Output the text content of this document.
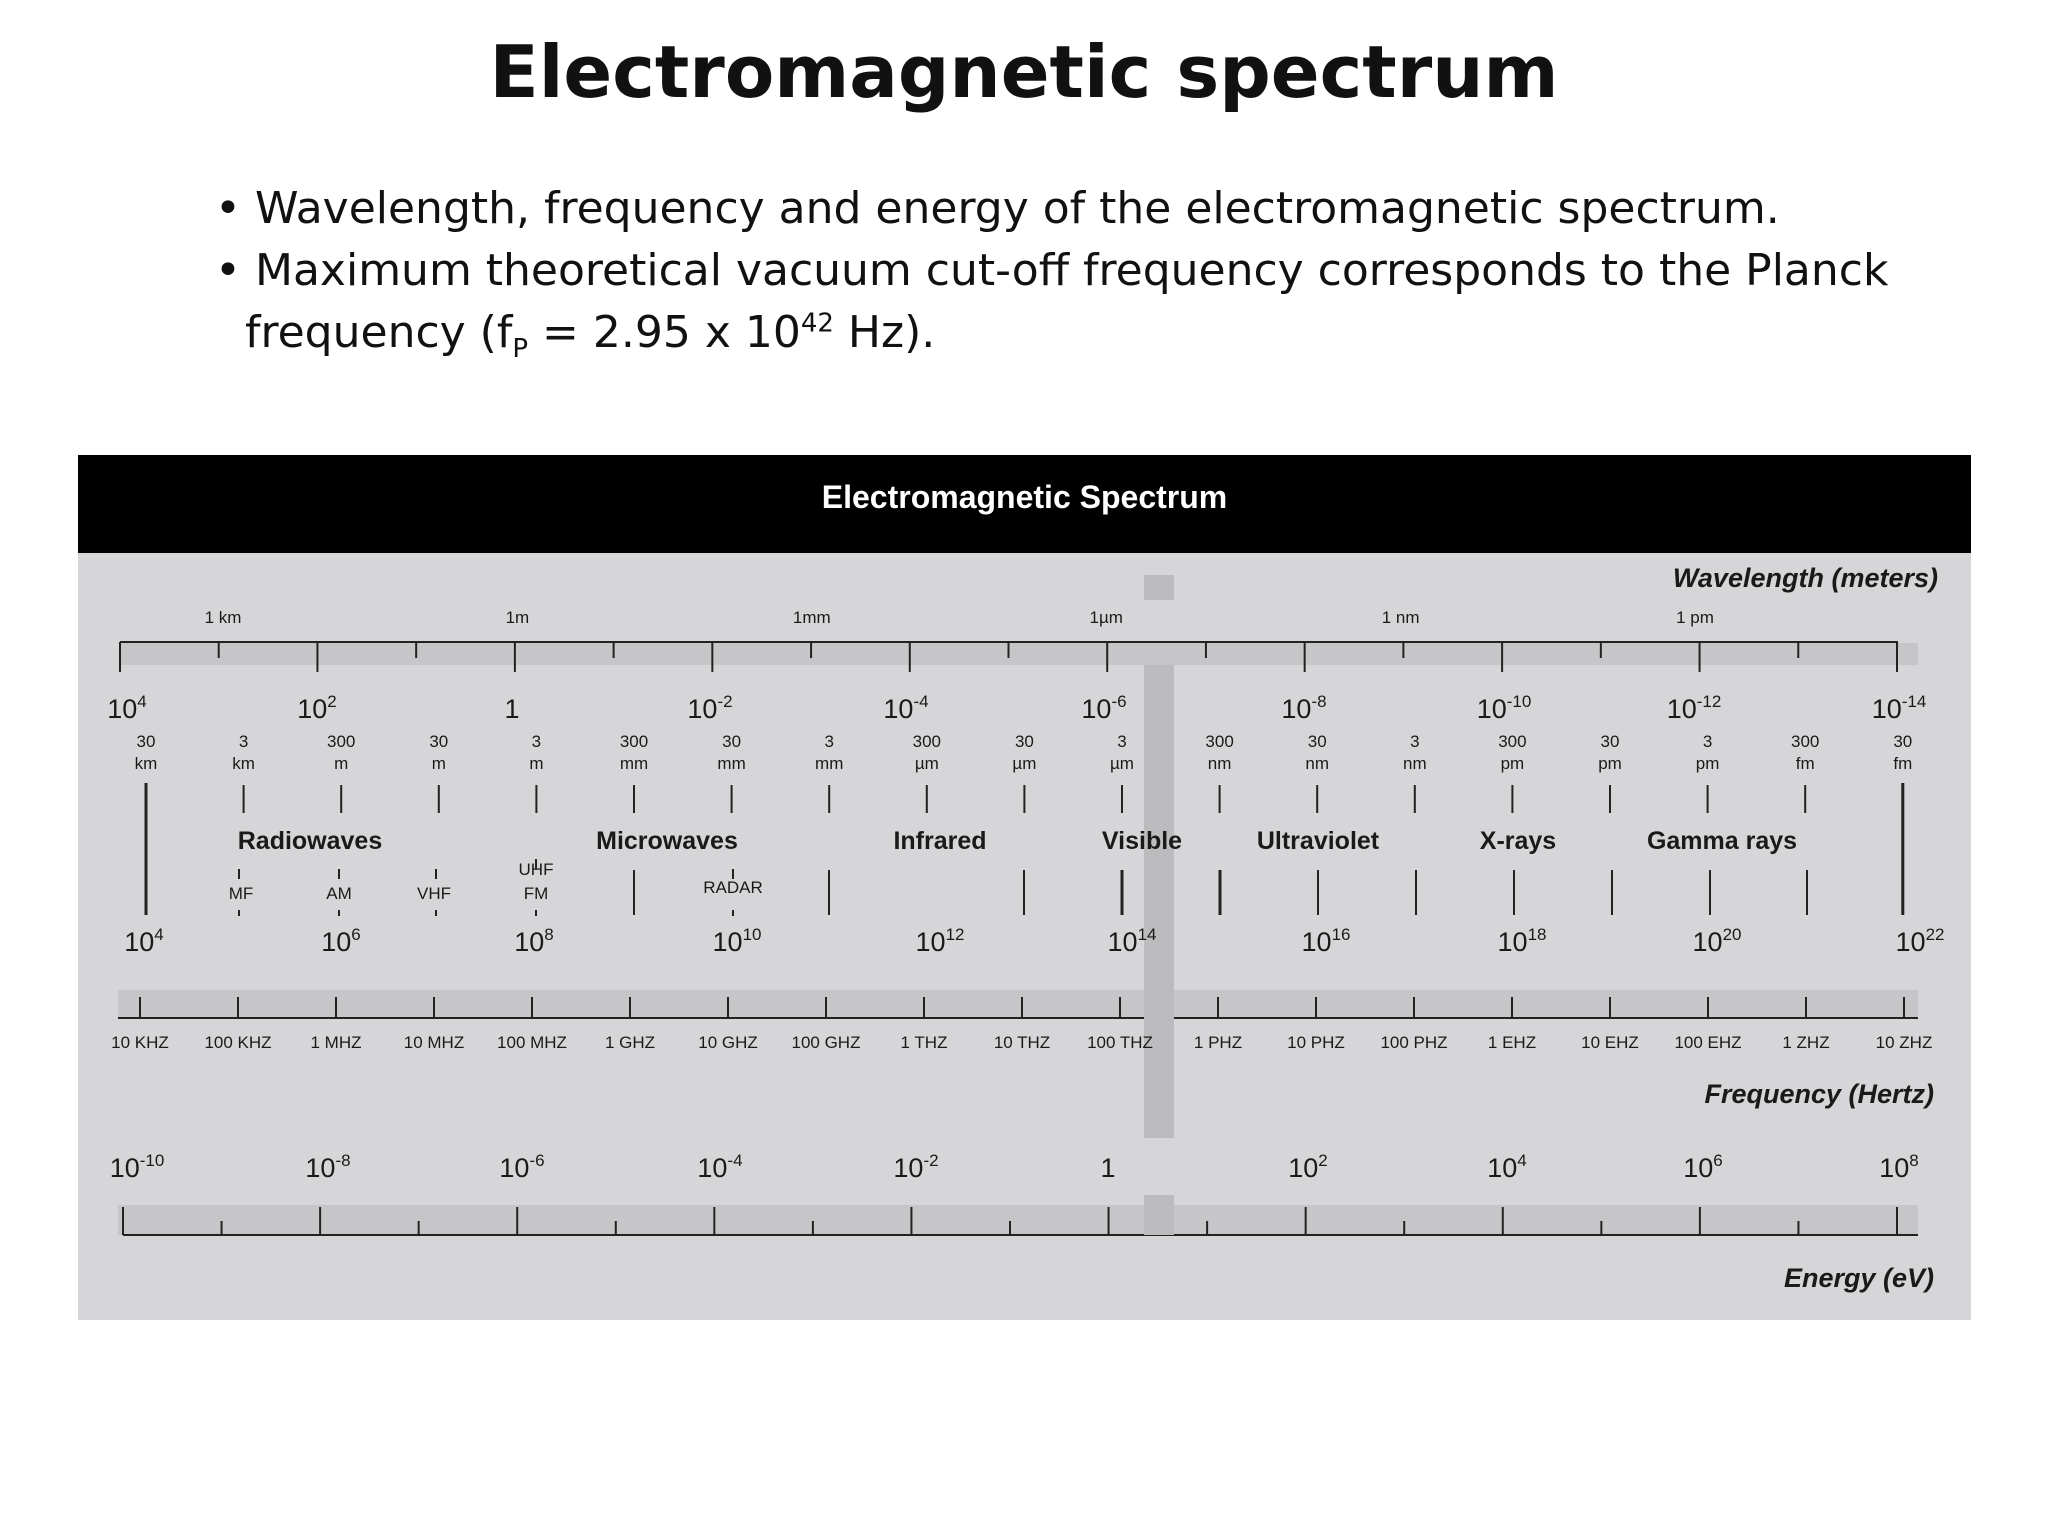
Electromagnetic spectrum

• Wavelength, frequency and energy of the electromagnetic spectrum.

• Maximum theoretical vacuum cut-off frequency corresponds to the Planck

frequency ($f_P = 2.95$ x $10^{42}$ Hz).

Electromagnetic Spectrum
Wavelength (meters)
Frequency (Hertz)
Energy (eV)
1 km	1m	1mm	1µm	1 nm	1 pm
$10^4$	$10^2$	1	$10^{-2}$	$10^{-4}$	$10^{-6}$	$10^{-8}$	$10^{-10}$	$10^{-12}$	$10^{-14}$
30
km
3
km
300
m
30
m
3
m
300
mm
30
mm
3
mm
300
µm
30
µm
3
µm
300
nm
30
nm
3
nm
300
pm
30
pm
3
pm
300
fm
30
fm
Radiowaves	Microwaves	Infrared	Visible	Ultraviolet	X-rays	Gamma rays
MF	AM	VHF
UHF
FM	RADAR
$10^4$	$10^6$	$10^8$	$10^{10}$	$10^{12}$	$10^{14}$	$10^{16}$	$10^{18}$	$10^{20}$	$10^{22}$
10 KHZ 100 KHZ 1 MHZ 10 MHZ 100 MHZ 1 GHZ	10 GHZ 100 GHZ 1 THZ	10 THZ 100 THZ 1 PHZ	10 PHZ 100 PHZ 1 EHZ	10 EHZ 100 EHZ 1 ZHZ	10 ZHZ
$10^{-10}$	$10^{-8}$	$10^{-6}$	$10^{-4}$	$10^{-2}$	1	$10^2$	$10^4$	$10^6$	$10^8$
